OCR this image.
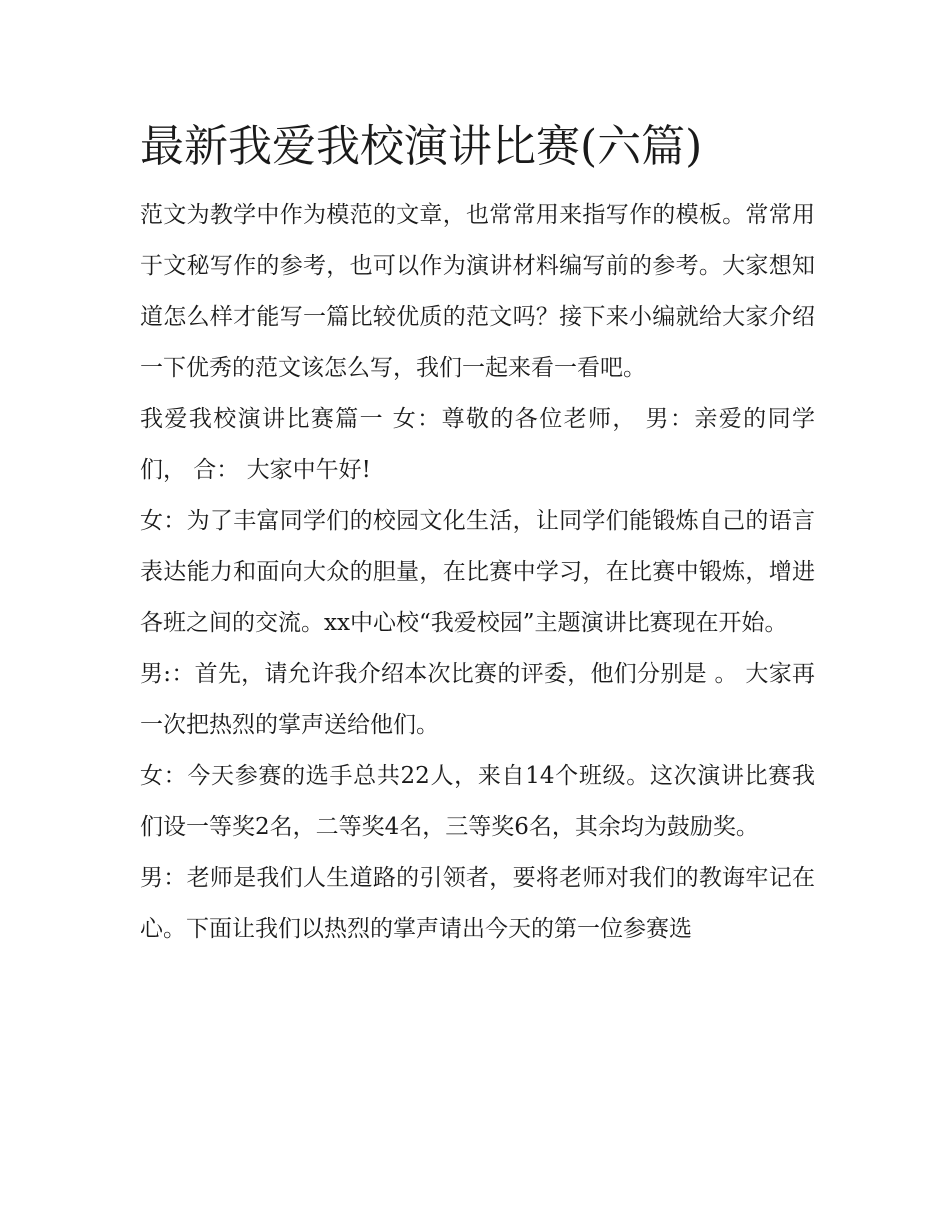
最新我爱我校演讲比赛(六篇)

范文为教学中作为模范的文章，也常常用来指写作的模板。常常用于文秘写作的参考，也可以作为演讲材料编写前的参考。大家想知道怎么样才能写一篇比较优质的范文吗？接下来小编就给大家介绍一下优秀的范文该怎么写，我们一起来看一看吧。

我爱我校演讲比赛篇一 女：尊敬的各位老师， 男：亲爱的同学们， 合： 大家中午好!

女：为了丰富同学们的校园文化生活，让同学们能锻炼自己的语言表达能力和面向大众的胆量，在比赛中学习，在比赛中锻炼，增进各班之间的交流。xx中心校“我爱校园”主题演讲比赛现在开始。

男:：首先，请允许我介绍本次比赛的评委，他们分别是 。 大家再一次把热烈的掌声送给他们。

女：今天参赛的选手总共22人，来自14个班级。这次演讲比赛我们设一等奖2名，二等奖4名，三等奖6名，其余均为鼓励奖。

男：老师是我们人生道路的引领者，要将老师对我们的教诲牢记在心。下面让我们以热烈的掌声请出今天的第一位参赛选
